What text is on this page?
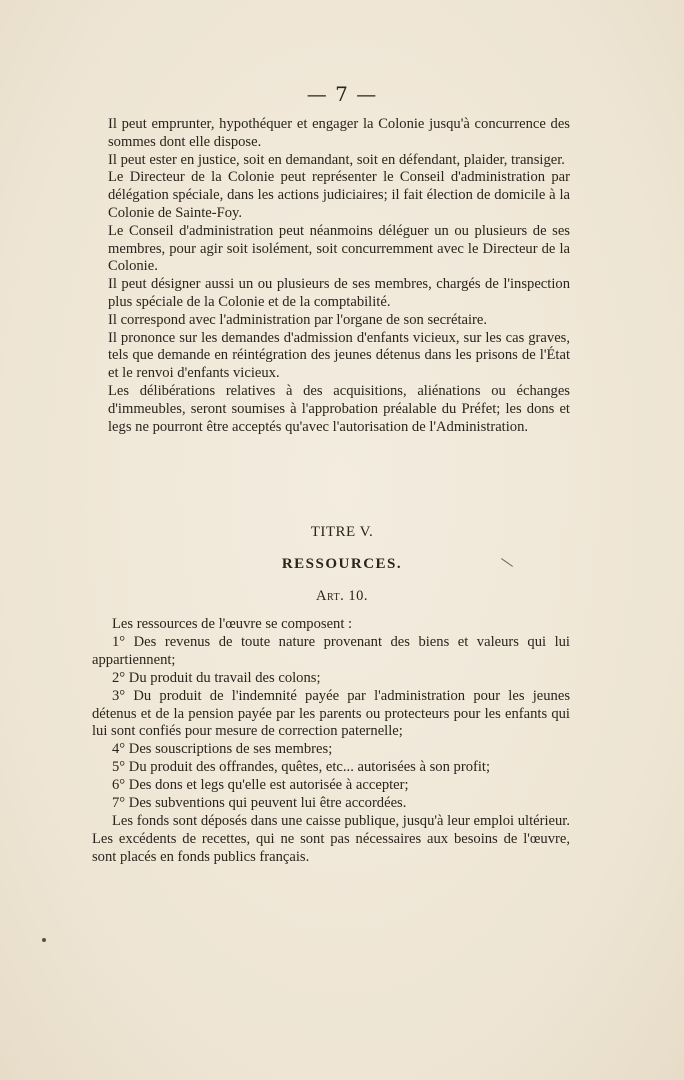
— 7 —

Il peut emprunter, hypothéquer et engager la Colonie jusqu'à concurrence des sommes dont elle dispose.

Il peut ester en justice, soit en demandant, soit en défendant, plaider, transiger.

Le Directeur de la Colonie peut représenter le Conseil d'administration par délégation spéciale, dans les actions judiciaires; il fait élection de domicile à la Colonie de Sainte-Foy.

Le Conseil d'administration peut néanmoins déléguer un ou plusieurs de ses membres, pour agir soit isolément, soit concurremment avec le Directeur de la Colonie.

Il peut désigner aussi un ou plusieurs de ses membres, chargés de l'inspection plus spéciale de la Colonie et de la comptabilité.

Il correspond avec l'administration par l'organe de son secrétaire.

Il prononce sur les demandes d'admission d'enfants vicieux, sur les cas graves, tels que demande en réintégration des jeunes détenus dans les prisons de l'État et le renvoi d'enfants vicieux.

Les délibérations relatives à des acquisitions, aliénations ou échanges d'immeubles, seront soumises à l'approbation préalable du Préfet; les dons et legs ne pourront être acceptés qu'avec l'autorisation de l'Administration.

TITRE V.
RESSOURCES.
Art. 10.

Les ressources de l'œuvre se composent :

1° Des revenus de toute nature provenant des biens et valeurs qui lui appartiennent;

2° Du produit du travail des colons;

3° Du produit de l'indemnité payée par l'administration pour les jeunes détenus et de la pension payée par les parents ou protecteurs pour les enfants qui lui sont confiés pour mesure de correction paternelle;

4° Des souscriptions de ses membres;

5° Du produit des offrandes, quêtes, etc... autorisées à son profit;

6° Des dons et legs qu'elle est autorisée à accepter;

7° Des subventions qui peuvent lui être accordées.

Les fonds sont déposés dans une caisse publique, jusqu'à leur emploi ultérieur. Les excédents de recettes, qui ne sont pas nécessaires aux besoins de l'œuvre, sont placés en fonds publics français.
